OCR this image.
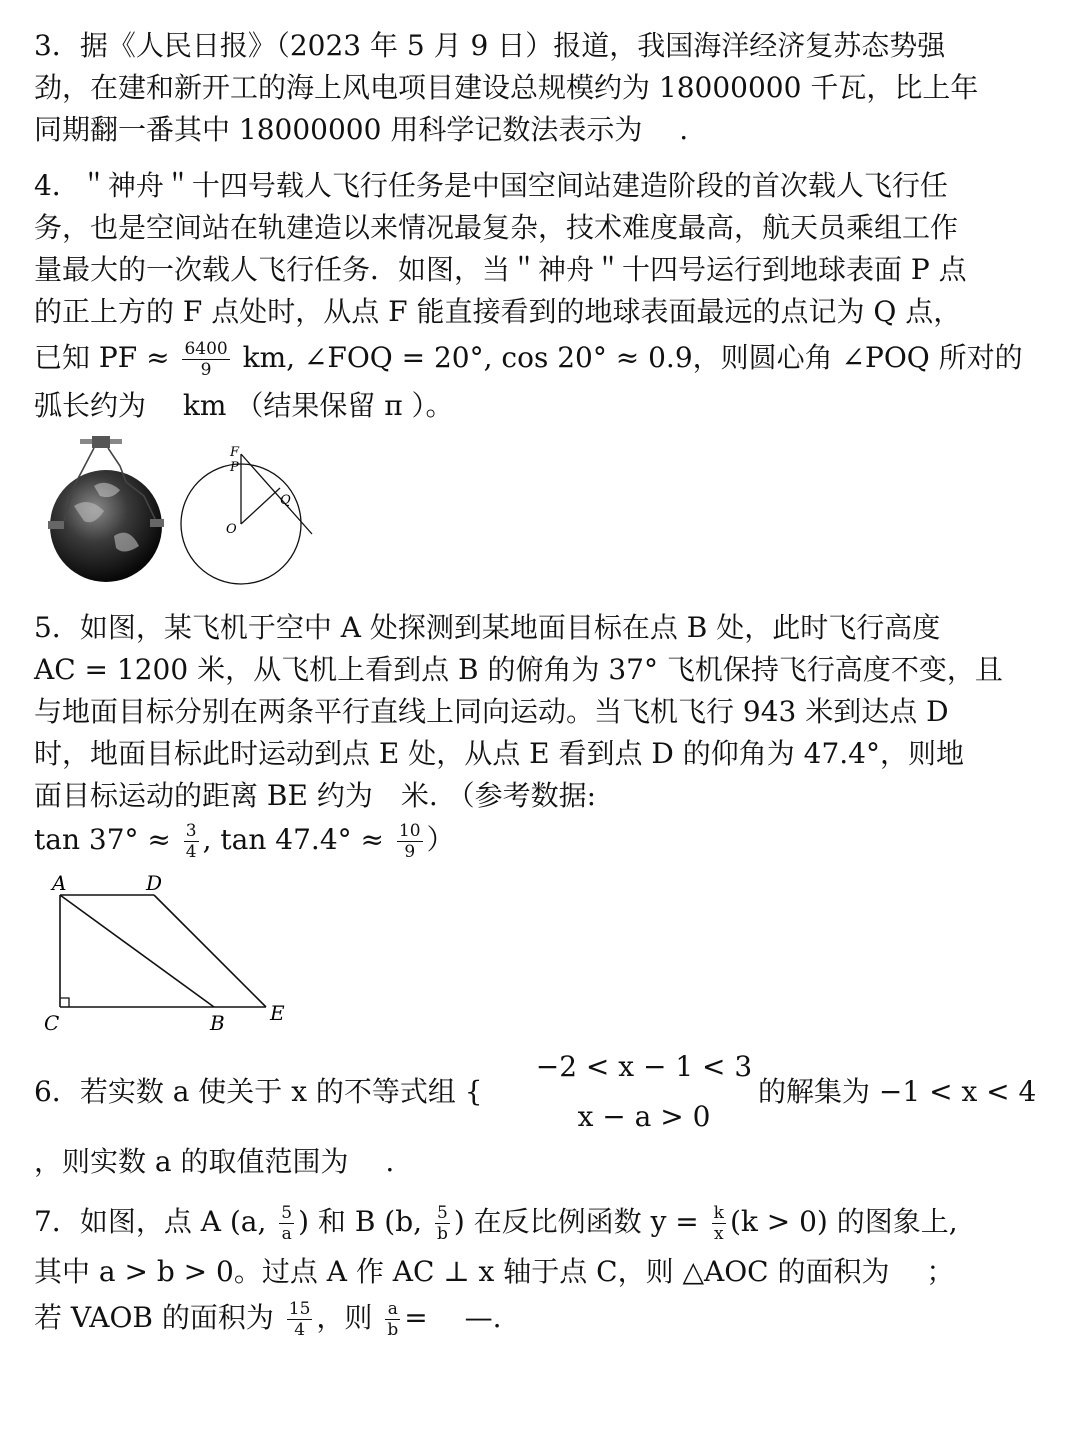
3．据《人民日报》（2023 年 5 月 9 日）报道，我国海洋经济复苏态势强
劲，在建和新开工的海上风电项目建设总规模约为 18000000 千瓦，比上年
同期翻一番其中 18000000 用科学记数法表示为　 .
4．＂神舟＂十四号载人飞行任务是中国空间站建造阶段的首次载人飞行任
务，也是空间站在轨建造以来情况最复杂，技术难度最高，航天员乘组工作
量最大的一次载人飞行任务．如图，当＂神舟＂十四号运行到地球表面 P 点
的正上方的 F 点处时，从点 F 能直接看到的地球表面最远的点记为 Q 点，
已知 PF ≈ $\frac{6400}{9}$ km, ∠FOQ = 20°, cos 20° ≈ 0.9，则圆心角 ∠POQ 所对的
弧长约为　 km （结果保留 π ）。
F
P
Q
O
5．如图，某飞机于空中 A 处探测到某地面目标在点 B 处，此时飞行高度
AC = 1200 米，从飞机上看到点 B 的俯角为 37° 飞机保持飞行高度不变，且
与地面目标分别在两条平行直线上同向运动。当飞机飞行 943 米到达点 D
时，地面目标此时运动到点 E 处，从点 E 看到点 D 的仰角为 47.4°，则地
面目标运动的距离 BE 约为　米. （参考数据:
$\tan 37^\circ \approx \frac{3}{4}$ , $\tan 47.4^\circ \approx \frac{10}{9}$ ）
A	D
C	B E
6．若实数 a 使关于 x 的不等式组 {
−2 < x − 1 < 3
x − a > 0
的解集为 −1 < x < 4
，则实数 a 的取值范围为　 .
7．如图，点 A (a, $\frac{5}{a}$ ) 和 B (b, $\frac{5}{b}$ ) 在反比例函数 $y = \frac{k}{x} (k > 0)$ 的图象上,
其中 a > b > 0。过点 A 作 AC ⊥ x 轴于点 C，则 △AOC 的面积为　 ；
若 VAOB 的面积为 $\frac{15}{4}$ ，则 $\frac{a}{b}$ =　 —.
